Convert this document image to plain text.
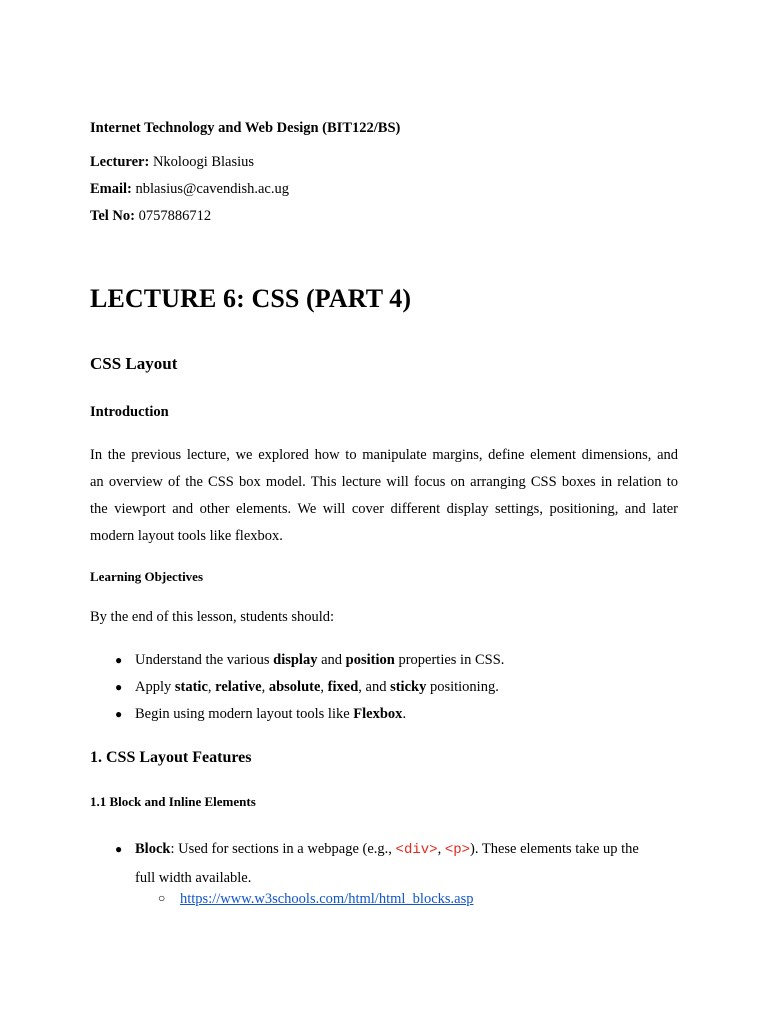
Internet Technology and Web Design (BIT122/BS)
Lecturer: Nkoloogi Blasius
Email: nblasius@cavendish.ac.ug
Tel No: 0757886712
LECTURE 6: CSS (PART 4)
CSS Layout
Introduction
In the previous lecture, we explored how to manipulate margins, define element dimensions, and
an overview of the CSS box model. This lecture will focus on arranging CSS boxes in relation to
the viewport and other elements. We will cover different display settings, positioning, and later
modern layout tools like flexbox.
Learning Objectives
By the end of this lesson, students should:
● Understand the various display and position properties in CSS.
● Apply static, relative, absolute, fixed, and sticky positioning.
● Begin using modern layout tools like Flexbox.
1. CSS Layout Features
1.1 Block and Inline Elements
● Block: Used for sections in a webpage (e.g., <div>, <p>). These elements take up the
full width available.
○ https://www.w3schools.com/html/html_blocks.asp
